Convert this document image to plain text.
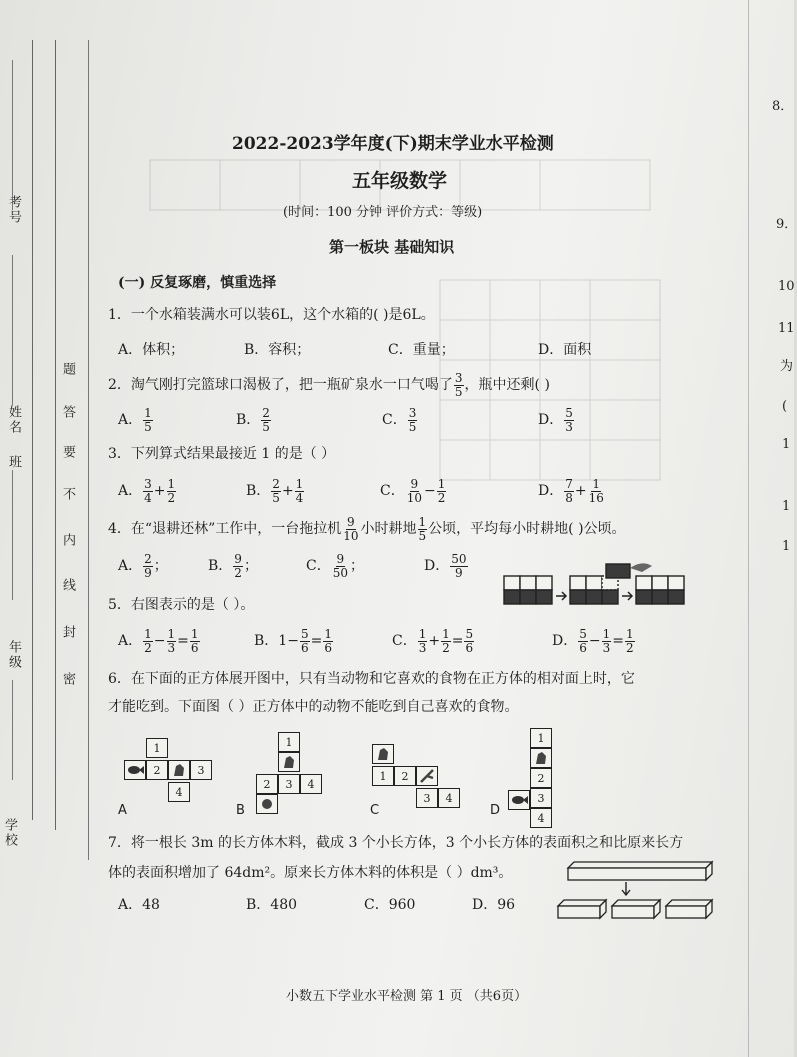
考号
姓名
班
年级
学校
密
封
线
内
不
要
答
题
2022-2023学年度(下)期末学业水平检测
五年级数学
(时间：100 分钟 评价方式：等级)
第一板块 基础知识
(一) 反复琢磨，慎重选择
1．一个水箱装满水可以装6L，这个水箱的( )是6L。
A．体积；	B．容积；	C．重量；	D．面积
2．淘气刚打完篮球口渴极了，把一瓶矿泉水一口气喝了 $\frac{3}{5}$ ，瓶中还剩( )
A． $\frac{1}{5}$	B． $\frac{2}{5}$	C． $\frac{3}{5}$	D． $\frac{5}{3}$
3．下列算式结果最接近 1 的是（ ）
A． $\frac{3}{4} + \frac{1}{2}$	B． $\frac{2}{5} + \frac{1}{4}$	C． $\frac{9}{10} - \frac{1}{2}$	D． $\frac{7}{8} + \frac{1}{16}$
4．在“退耕还林”工作中，一台拖拉机 $\frac{9}{10}$ 小时耕地 $\frac{1}{5}$ 公顷，平均每小时耕地( )公顷。
A． $\frac{2}{9}$ ；	B． $\frac{9}{2}$ ；	C． $\frac{9}{50}$ ；	D． $\frac{50}{9}$
5．右图表示的是（ ）。
A． $\frac{1}{2} - \frac{1}{3} = \frac{1}{6}$	B． $1- \frac{5}{6} = \frac{1}{6}$	C． $\frac{1}{3} + \frac{1}{2} = \frac{5}{6}$	D． $\frac{5}{6} - \frac{1}{3} = \frac{1}{2}$
6．在下面的正方体展开图中，只有当动物和它喜欢的食物在正方体的相对面上时，它
才能吃到。下面图（ ）正方体中的动物不能吃到自己喜欢的食物。
1
2	3
4
A
1
2	3	4
B
1	2
3	4
C
1
2
3
4
D
7．将一根长 3m 的长方体木料，截成 3 个小长方体，3 个小长方体的表面积之和比原来长方
体的表面积增加了 64dm²。原来长方体木料的体积是（ ）dm³。
A．48	B．480	C．960	D．96
小数五下学业水平检测 第 1 页 （共6页）
8．
9．
10
11
为
(
1
1
1
